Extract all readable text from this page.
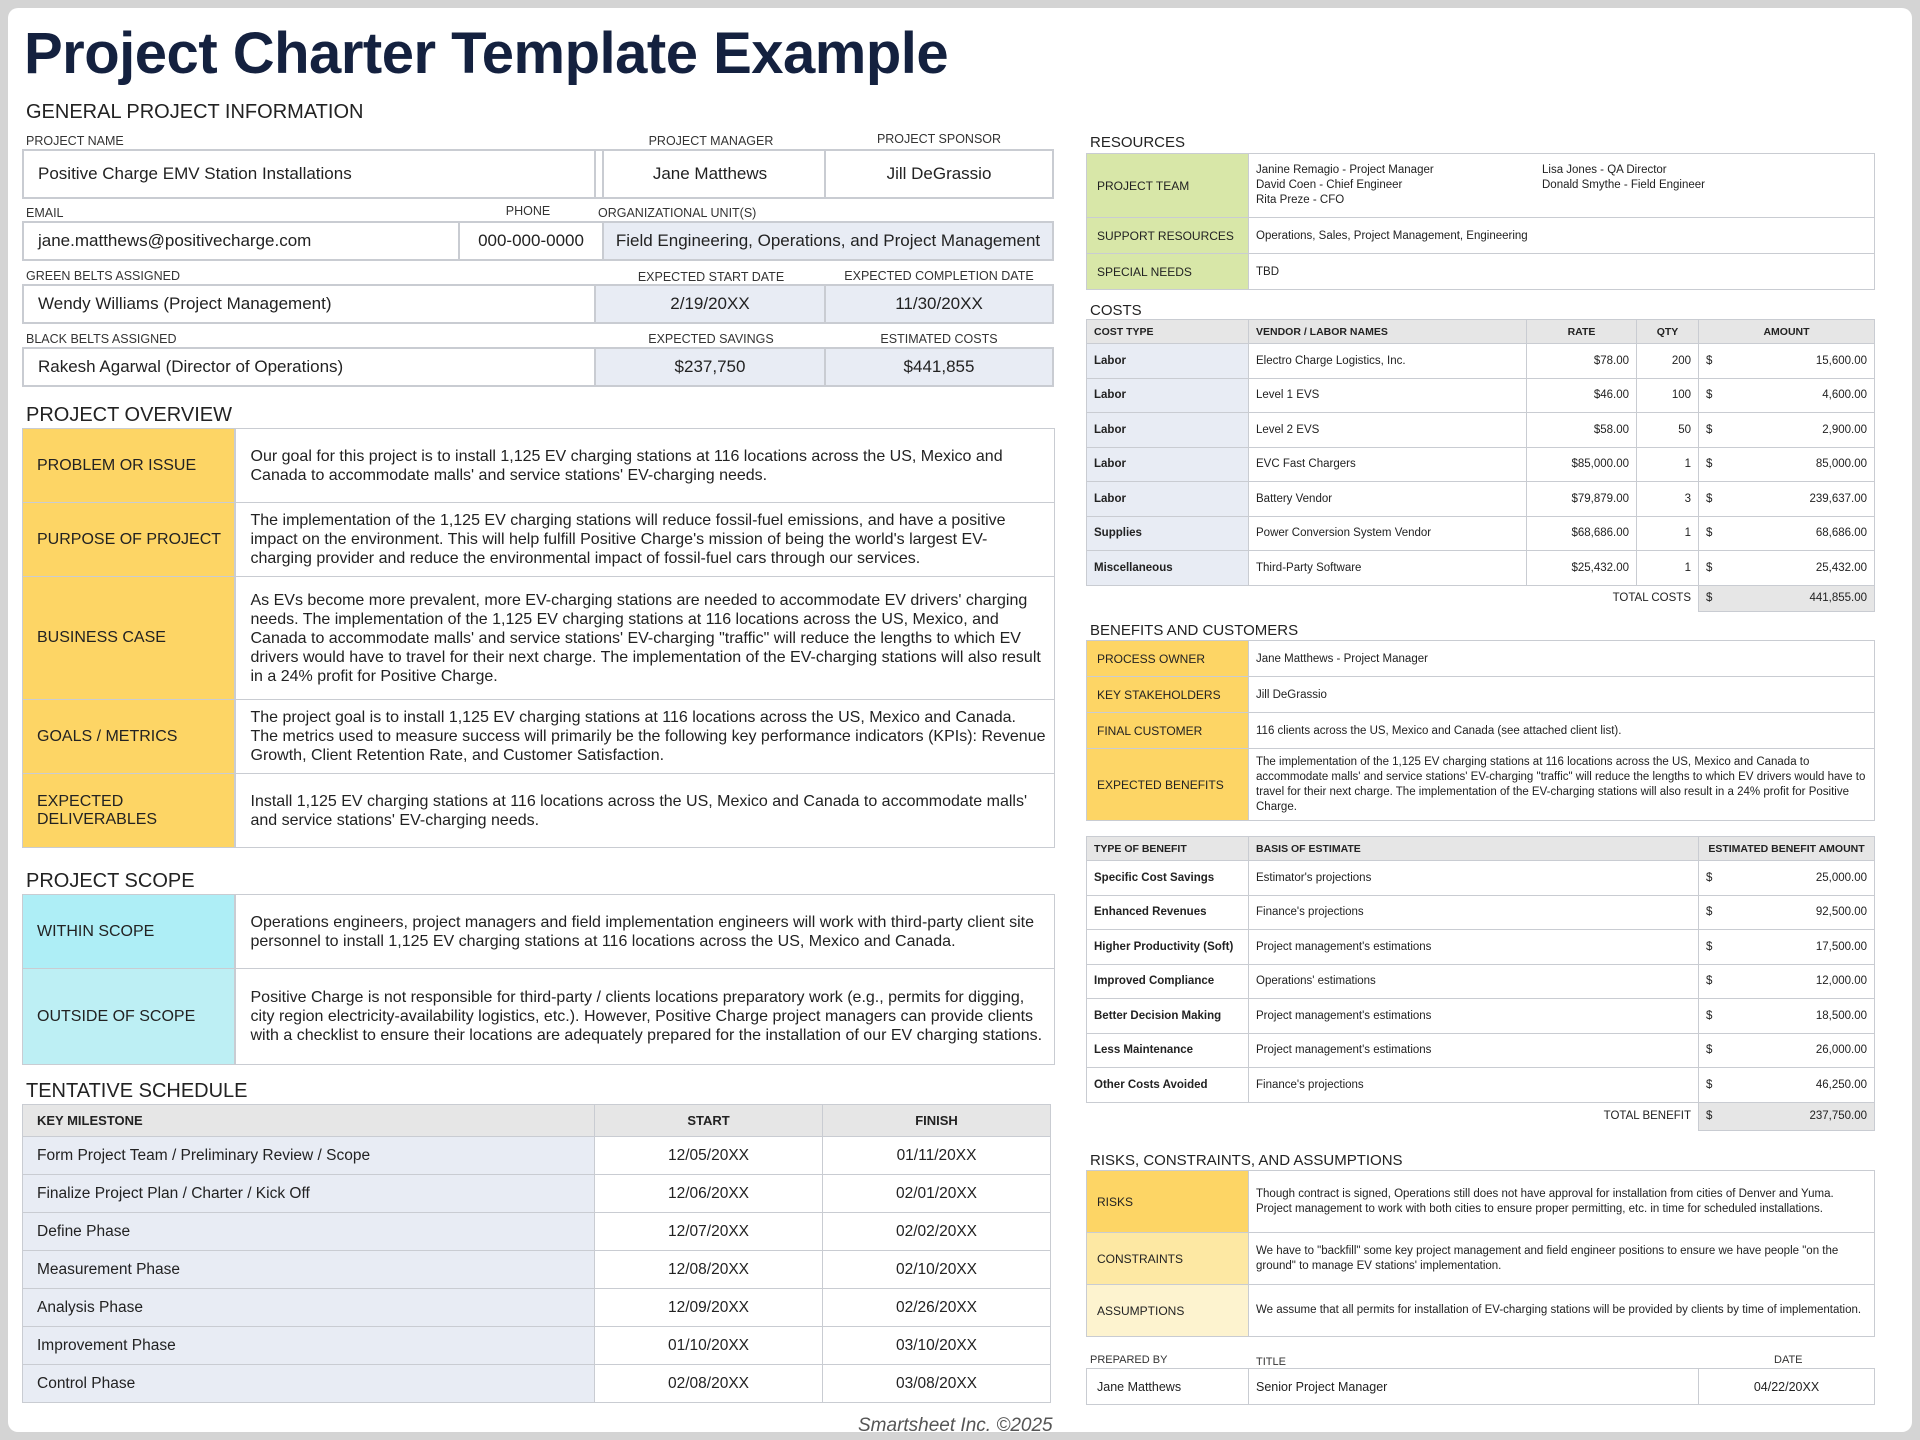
Project Charter Template Example
GENERAL PROJECT INFORMATION
PROJECT NAME	PROJECT MANAGER	PROJECT SPONSOR
Positive Charge EMV Station Installations	Jane Matthews	Jill DeGrassio
EMAIL	PHONE	ORGANIZATIONAL UNIT(S)
jane.matthews@positivecharge.com	000-000-0000	Field Engineering, Operations, and Project Management
GREEN BELTS ASSIGNED	EXPECTED START DATE	EXPECTED COMPLETION DATE
Wendy Williams (Project Management)	2/19/20XX	11/30/20XX
BLACK BELTS ASSIGNED	EXPECTED SAVINGS	ESTIMATED COSTS
Rakesh Agarwal (Director of Operations)	$237,750	$441,855
PROJECT OVERVIEW
PROBLEM OR ISSUE	Our goal for this project is to install 1,125 EV charging stations at 116 locations across the US, Mexico and Canada to accommodate malls' and service stations' EV-charging needs.
PURPOSE OF PROJECT	The implementation of the 1,125 EV charging stations will reduce fossil-fuel emissions, and have a positive impact on the environment. This will help fulfill Positive Charge's mission of being the world's largest EV-charging provider and reduce the environmental impact of fossil-fuel cars through our services.
BUSINESS CASE	As EVs become more prevalent, more EV-charging stations are needed to accommodate EV drivers' charging needs. The implementation of the 1,125 EV charging stations at 116 locations across the US, Mexico, and Canada to accommodate malls' and service stations' EV-charging "traffic" will reduce the lengths to which EV drivers would have to travel for their next charge. The implementation of the EV-charging stations will also result in a 24% profit for Positive Charge.
GOALS / METRICS	The project goal is to install 1,125 EV charging stations at 116 locations across the US, Mexico and Canada. The metrics used to measure success will primarily be the following key performance indicators (KPIs): Revenue Growth, Client Retention Rate, and Customer Satisfaction.
EXPECTED DELIVERABLES	Install 1,125 EV charging stations at 116 locations across the US, Mexico and Canada to accommodate malls' and service stations' EV-charging needs.
PROJECT SCOPE
WITHIN SCOPE	Operations engineers, project managers and field implementation engineers will work with third-party client site personnel to install 1,125 EV charging stations at 116 locations across the US, Mexico and Canada.
OUTSIDE OF SCOPE	Positive Charge is not responsible for third-party / clients locations preparatory work (e.g., permits for digging, city region electricity-availability logistics, etc.). However, Positive Charge project managers can provide clients with a checklist to ensure their locations are adequately prepared for the installation of our EV charging stations.
TENTATIVE SCHEDULE
KEY MILESTONE	START	FINISH
Form Project Team / Preliminary Review / Scope	12/05/20XX	01/11/20XX
Finalize Project Plan / Charter / Kick Off	12/06/20XX	02/01/20XX
Define Phase	12/07/20XX	02/02/20XX
Measurement Phase	12/08/20XX	02/10/20XX
Analysis Phase	12/09/20XX	02/26/20XX
Improvement Phase	01/10/20XX	03/10/20XX
Control Phase	02/08/20XX	03/08/20XX
Smartsheet Inc. ©2025
RESOURCES
PROJECT TEAM	Janine Remagio - Project Manager
David Coen - Chief Engineer
Rita Preze - CFO
Lisa Jones - QA Director
Donald Smythe - Field Engineer

SUPPORT RESOURCES	Operations, Sales, Project Management, Engineering
SPECIAL NEEDS	TBD
COSTS
COST TYPE	VENDOR / LABOR NAMES	RATE	QTY	AMOUNT
Labor	Electro Charge Logistics, Inc.	$78.00	200	$ 15,600.00

Labor	Level 1 EVS	$46.00	100	$ 4,600.00

Labor	Level 2 EVS	$58.00	50	$ 2,900.00

Labor	EVC Fast Chargers	$85,000.00	1	$ 85,000.00

Labor	Battery Vendor	$79,879.00	3	$ 239,637.00

Supplies	Power Conversion System Vendor	$68,686.00	1	$ 68,686.00

Miscellaneous	Third-Party Software	$25,432.00	1	$ 25,432.00

TOTAL COSTS				$ 441,855.00
BENEFITS AND CUSTOMERS
PROCESS OWNER	Jane Matthews - Project Manager
KEY STAKEHOLDERS	Jill DeGrassio
FINAL CUSTOMER	116 clients across the US, Mexico and Canada (see attached client list).
EXPECTED BENEFITS	The implementation of the 1,125 EV charging stations at 116 locations across the US, Mexico and Canada to accommodate malls' and service stations' EV-charging "traffic" will reduce the lengths to which EV drivers would have to travel for their next charge. The implementation of the EV-charging stations will also result in a 24% profit for Positive Charge.
TYPE OF BENEFIT	BASIS OF ESTIMATE	ESTIMATED BENEFIT AMOUNT
Specific Cost Savings	Estimator's projections	$ 25,000.00

Enhanced Revenues	Finance's projections	$ 92,500.00

Higher Productivity (Soft)	Project management's estimations	$ 17,500.00

Improved Compliance	Operations' estimations	$ 12,000.00

Better Decision Making	Project management's estimations	$ 18,500.00

Less Maintenance	Project management's estimations	$ 26,000.00

Other Costs Avoided	Finance's projections	$ 46,250.00

TOTAL BENEFIT		$ 237,750.00
RISKS, CONSTRAINTS, AND ASSUMPTIONS
RISKS	Though contract is signed, Operations still does not have approval for installation from cities of Denver and Yuma. Project management to work with both cities to ensure proper permitting, etc. in time for scheduled installations.
CONSTRAINTS	We have to "backfill" some key project management and field engineer positions to ensure we have people "on the ground" to manage EV stations' implementation.
ASSUMPTIONS	We assume that all permits for installation of EV-charging stations will be provided by clients by time of implementation.
PREPARED BY	TITLE	DATE
Jane Matthews	Senior Project Manager	04/22/20XX
